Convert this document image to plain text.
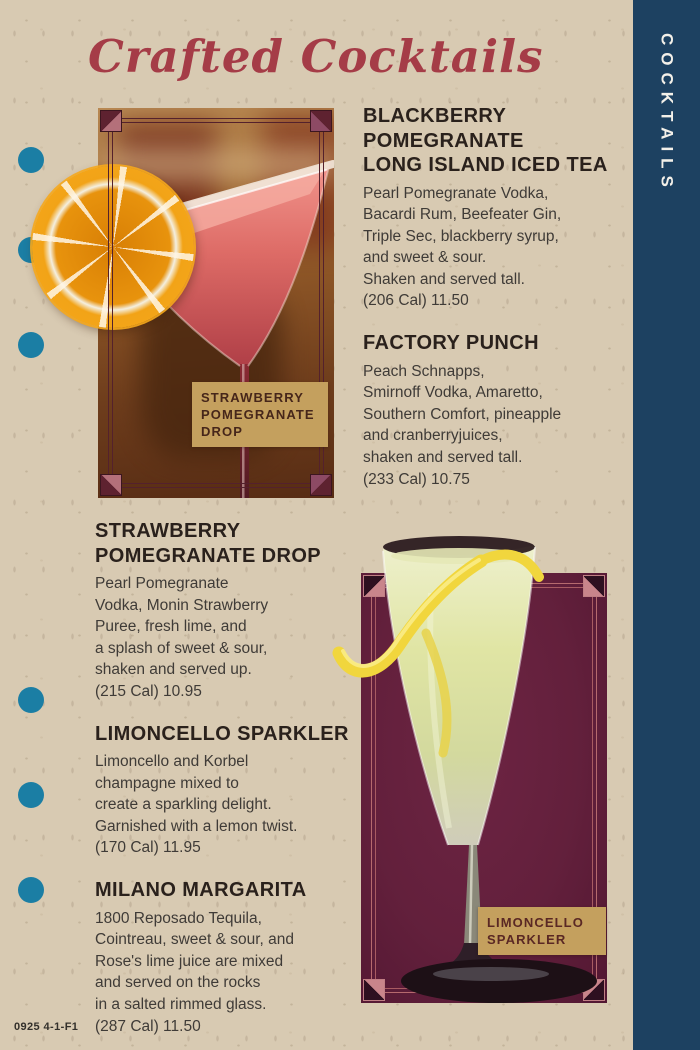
COCKTAILS
Crafted Cocktails
STRAWBERRY
POMEGRANATE
DROP
BLACKBERRY POMEGRANATE
LONG ISLAND ICED TEA
Pearl Pomegranate Vodka,
Bacardi Rum, Beefeater Gin,
Triple Sec, blackberry syrup,
and sweet & sour.
Shaken and served tall.
(206 Cal) 11.50
FACTORY PUNCH
Peach Schnapps,
Smirnoff Vodka, Amaretto,
Southern Comfort, pineapple
and cranberryjuices,
shaken and served tall.
(233 Cal) 10.75
STRAWBERRY
POMEGRANATE DROP
Pearl Pomegranate
Vodka, Monin Strawberry
Puree, fresh lime, and
a splash of sweet & sour,
shaken and served up.
(215 Cal) 10.95
LIMONCELLO SPARKLER
Limoncello and Korbel
champagne mixed to
create a sparkling delight.
Garnished with a lemon twist.
(170 Cal) 11.95
MILANO MARGARITA
1800 Reposado Tequila,
Cointreau, sweet & sour, and
Rose's lime juice are mixed
and served on the rocks
in a salted rimmed glass.
(287 Cal) 11.50
LIMONCELLO
SPARKLER
0925 4-1-F1
